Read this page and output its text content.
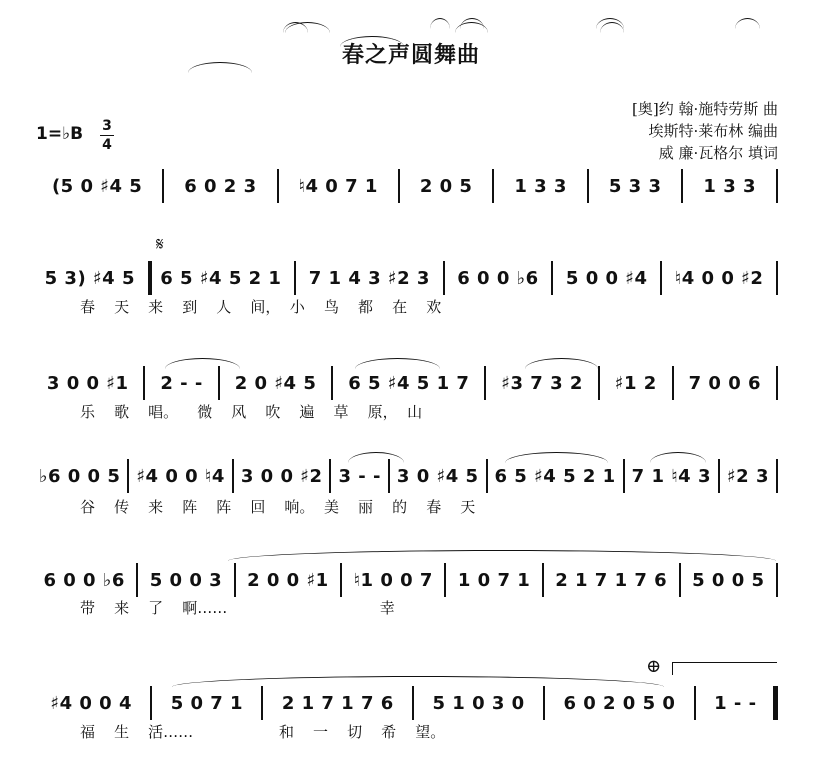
春之声圆舞曲
[奥]约 翰·施特劳斯 曲
埃斯特·莱布林 编曲
威 廉·瓦格尔 填词
1=♭B 3
4
(5 0 ♯4 5	6 0 2 3	♮4 0 7 1	2 0 5	1 3 3	5 3 3	1 3 3
5 3) ♯4 5	6 5 ♯4 5 2 1	7 1 4 3 ♯2 3	6 0 0 ♭6	5 0 0 ♯4	♮4 0 0 ♯2
春    天    来    到    人    间，  小    鸟    都    在    欢
3 0 0 ♯1	2 - -	2 0 ♯4 5	6 5 ♯4 5 1 7	♯3 7 3 2	♯1 2	7 0 0 6
乐    歌    唱。    微    风    吹    遍    草    原，  山
♭6 0 0 5 ♯4 0 0 ♮4 3 0 0 ♯2 3 - - 3 0 ♯4 5 6 5 ♯4 5 2 1 7 1 ♮4 3 ♯2 3
谷    传    来    阵    阵    回    响。  美    丽    的    春    天
6 0 0 ♭6	5 0 0 3	2 0 0 ♯1	♮1 0 0 7	1 0 7 1	2 1 7 1 7 6	5 0 0 5
带    来    了    啊……                                幸
♯4 0 0 4	5 0 7 1	2 1 7 1 7 6	5 1 0 3 0	6 0 2 0 5 0	1 - -
福    生    活……                  和    一    切    希    望。
𝄋
⊕
